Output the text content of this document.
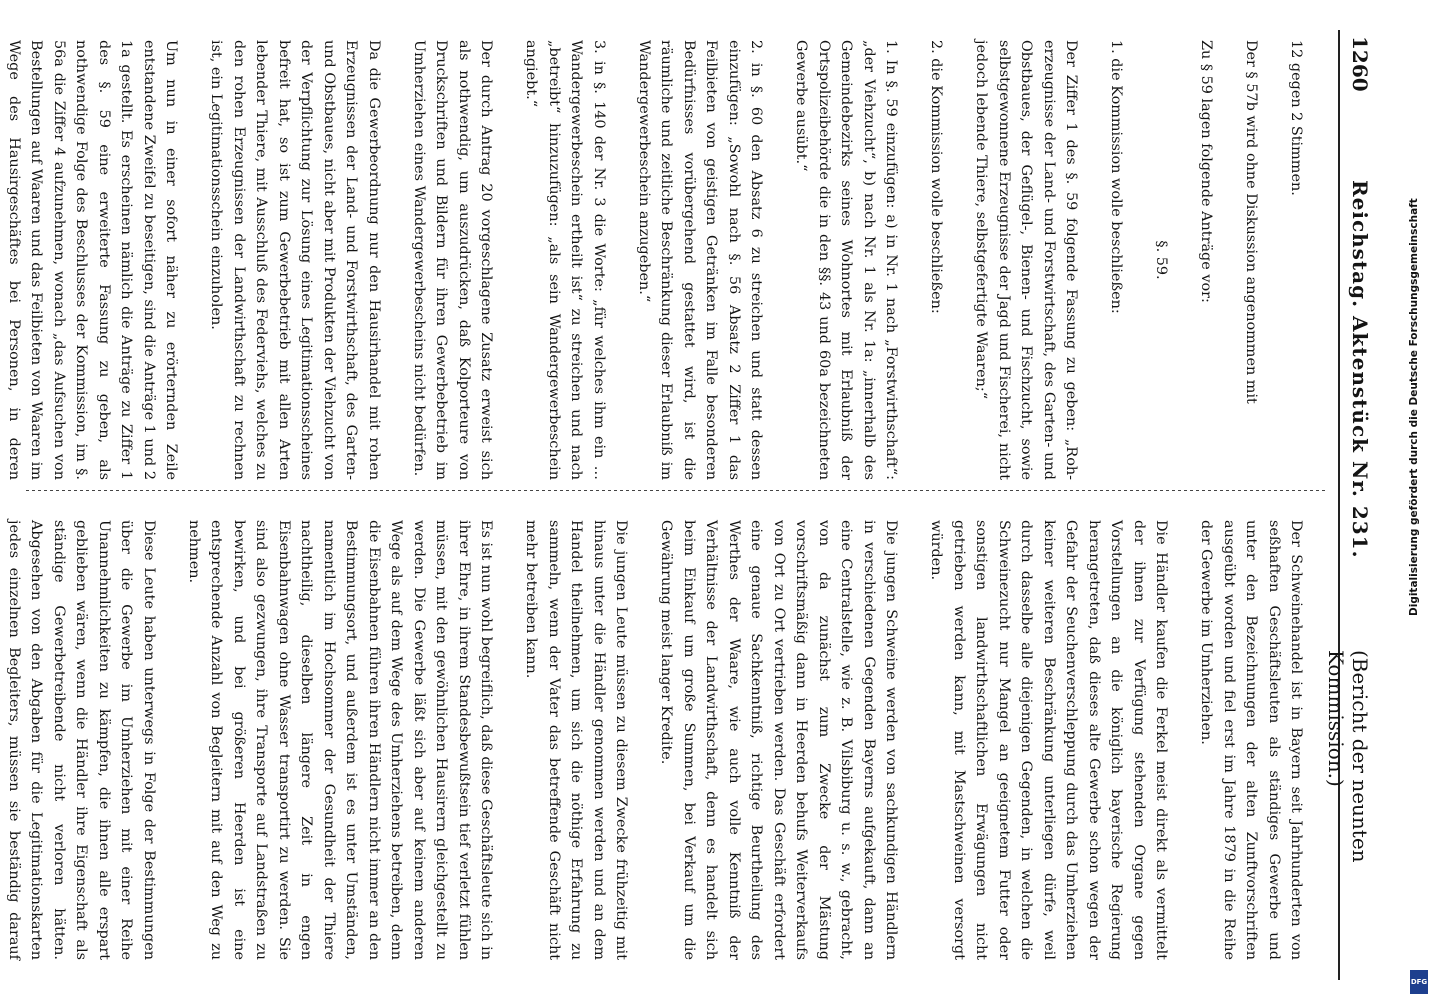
1260
Reichstag. Aktenstück Nr. 231.
(Bericht der neunten Kommission.)

12 gegen 2 Stimmen.

Der § 57b wird ohne Diskussion angenommen mit

Zu § 59 lagen folgende Anträge vor:

§. 59.

1. die Kommission wolle beschließen:

Der Ziffer 1 des §. 59 folgende Fassung zu geben: „Roh-erzeugnisse der Land- und Forstwirtschaft, des Garten- und Obstbaues, der Geflügel-, Bienen- und Fischzucht, sowie selbstgewonnene Erzeugnisse der Jagd und Fischerei, nicht jedoch lebende Thiere, selbstgefertigte Waaren;“

2. die Kommission wolle beschließen:

1. In §. 59 einzufügen: a) in Nr. 1 nach „Forstwirthschaft“: „der Viehzucht“, b) nach Nr. 1 als Nr. 1a: „innerhalb des Gemeindebezirks seines Wohnortes mit Erlaubniß der Ortspolizeibehörde die in den §§. 43 und 60a bezeichneten Gewerbe ausübt.“

2. in §. 60 den Absatz 6 zu streichen und statt dessen einzufügen: „Sowohl nach §. 56 Absatz 2 Ziffer 1 das Feilbieten von geistigen Getränken im Falle besonderen Bedürfnisses vorübergehend gestattet wird, ist die räumliche und zeitliche Beschränkung dieser Erlaubniß im Wandergewerbeschein anzugeben.“

3. in §. 140 der Nr. 3 die Worte: „für welches ihm ein … Wandergewerbeschein ertheilt ist“ zu streichen und nach „betreibt“ hinzuzufügen: „als sein Wandergewerbeschein angiebt.“

Der durch Antrag 20 vorgeschlagene Zusatz erweist sich als nothwendig, um auszudrücken, daß Kolporteure von Druckschriften und Bildern für ihren Gewerbebetrieb im Umherziehen eines Wandergewerbescheins nicht bedürfen.

Da die Gewerbeordnung nur den Hausirhandel mit rohen Erzeugnissen der Land- und Forstwirthschaft, des Garten- und Obstbaues, nicht aber mit Produkten der Viehzucht von der Verpflichtung zur Lösung eines Legitimationsscheines befreit hat, so ist zum Gewerbebetrieb mit allen Arten lebender Thiere, mit Ausschluß des Federviehs, welches zu den rohen Erzeugnissen der Landwirthschaft zu rechnen ist, ein Legitimationsschein einzuholen.

Um nun in einer sofort näher zu erörternden Zeile entstandene Zweifel zu beseitigen, sind die Anträge 1 und 2 1a gestellt. Es erscheinen nämlich die Anträge zu Ziffer 1 des §. 59 eine erweiterte Fassung zu geben, als nothwendige Folge des Beschlusses der Kommission, im §. 56a die Ziffer 4 aufzunehmen, wonach „das Aufsuchen von Bestellungen auf Waaren und das Feilbieten von Waaren im Wege des Hausirgeschäftes bei Personen, in deren

Der Schweinehandel ist in Bayern seit Jahrhunderten von seßhaften Geschäftsleuten als ständiges Gewerbe und unter den Bezeichnungen der alten Zunftvorschriften ausgeübt worden und fiel erst im Jahre 1879 in die Reihe der Gewerbe im Umherziehen.

Die Händler kaufen die Ferkel meist direkt als vermittelt der ihnen zur Verfügung stehenden Organe gegen Vorstellungen an die königlich bayerische Regierung herangetreten, daß dieses alte Gewerbe schon wegen der Gefahr der Seuchenverschleppung durch das Umherziehen keiner weiteren Beschränkung unterliegen dürfe, weil durch dasselbe alle diejenigen Gegenden, in welchen die Schweinezucht nur Mangel an geeignetem Futter oder sonstigen landwirthschaftlichen Erwägungen nicht getrieben werden kann, mit Mastschweinen versorgt würden.

Die jungen Schweine werden von sachkundigen Händlern in verschiedenen Gegenden Bayerns aufgekauft, dann an eine Centralstelle, wie z. B. Vilsbiburg u. s. w., gebracht, von da zunächst zum Zwecke der Mästung vorschriftsmäßig dann in Heerden behufs Weiterverkaufs von Ort zu Ort vertrieben werden. Das Geschäft erfordert eine genaue Sachkenntniß, richtige Beurtheilung des Werthes der Waare, wie auch volle Kenntniß der Verhältnisse der Landwirthschaft, denn es handelt sich beim Einkauf um große Summen, bei Verkauf um die Gewährung meist langer Kredite.

Die jungen Leute müssen zu diesem Zwecke frühzeitig mit hinaus unter die Händler genommen werden und an dem Handel theilnehmen, um sich die nöthige Erfahrung zu sammeln, wenn der Vater das betreffende Geschäft nicht mehr betreiben kann.

Es ist nun wohl begreiflich, daß diese Geschäftsleute sich in ihrer Ehre, in ihrem Standesbewußtsein tief verletzt fühlen müssen, mit den gewöhnlichen Hausirern gleichgestellt zu werden. Die Gewerbe läßt sich aber auf keinem anderen Wege als auf dem Wege des Umherziehens betreiben, denn die Eisenbahnen führen ihren Händlern nicht immer an den Bestimmungsort, und außerdem ist es unter Umständen, namentlich im Hochsommer der Gesundheit der Thiere nachtheilig, dieselben längere Zeit in engen Eisenbahnwagen ohne Wasser transportirt zu werden. Sie sind also gezwungen, ihre Transporte auf Landstraßen zu bewirken, und bei größeren Heerden ist eine entsprechende Anzahl von Begleitern mit auf den Weg zu nehmen.

Diese Leute haben unterwegs in Folge der Bestimmungen über die Gewerbe im Umherziehen mit einer Reihe Unannehmlichkeiten zu kämpfen, die ihnen alle erspart geblieben wären, wenn die Händler ihre Eigenschaft als ständige Gewerbetreibende nicht verloren hätten. Abgesehen von den Abgaben für die Legitimationskarten jedes einzelnen Begleiters, müssen sie beständig darauf

Digitalisierung gefördert durch die Deutsche Forschungsgemeinschaft
DFG
